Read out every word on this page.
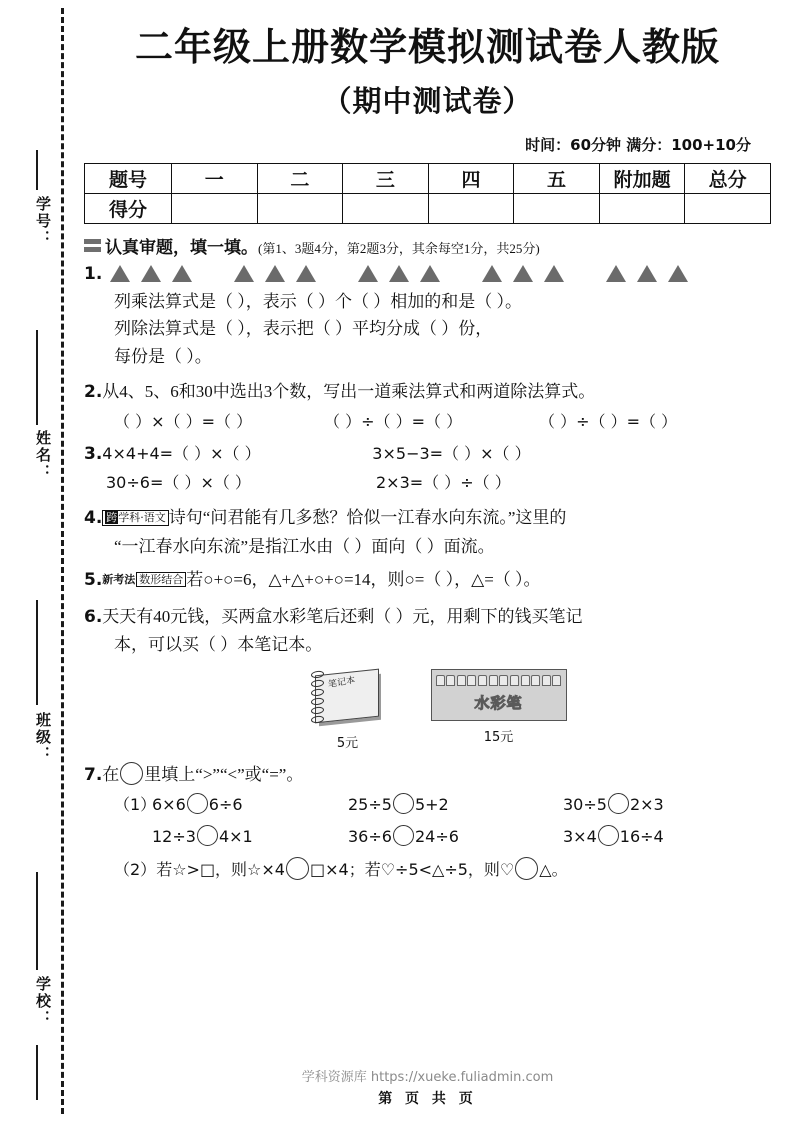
学号：
姓名：
班级：
学校：
二年级上册数学模拟测试卷人教版
（期中测试卷）
时间：60分钟 满分：100+10分
题号	一	二	三	四	五	附加题	总分
得分							
认真审题，填一填。 (第1、3题4分，第2题3分，其余每空1分，共25分)
1.
列乘法算式是（ ），表示（ ）个（ ）相加的和是（ ）。
列除法算式是（ ），表示把（ ）平均分成（ ）份，
每份是（ ）。
2.从4、5、6和30中选出3个数，写出一道乘法算式和两道除法算式。
（ ）×（ ）=（ ）	（ ）÷（ ）=（ ）	（ ）÷（ ）=（ ）
3. 4×4+4=（ ）×（ ）	3×5−3=（ ）×（ ）
30÷6=（ ）×（ ）	2×3=（ ）÷（ ）
4. 跨学科·语文 诗句“问君能有几多愁？恰似一江春水向东流。”这里的
“一江春水向东流”是指江水由（ ）面向（ ）面流。
5.新考法 数形结合 若○+○=6，△+△+○+○=14，则○=（ ），△=（ ）。
6.天天有40元钱，买两盒水彩笔后还剩（ ）元，用剩下的钱买笔记
本，可以买（ ）本笔记本。
笔记本
5元
水彩笔
15元
7.在 里填上“>”“<”或“=”。
（1）
6×6 6÷6	25÷5 5+2	30÷5 2×3
12÷3 4×1	36÷6 24÷6	3×4 16÷4
（2）若☆>□，则☆×4 □×4；若♡÷5<△÷5，则♡ △。
学科资源库 https://xueke.fuliadmin.com
第 页 共 页
